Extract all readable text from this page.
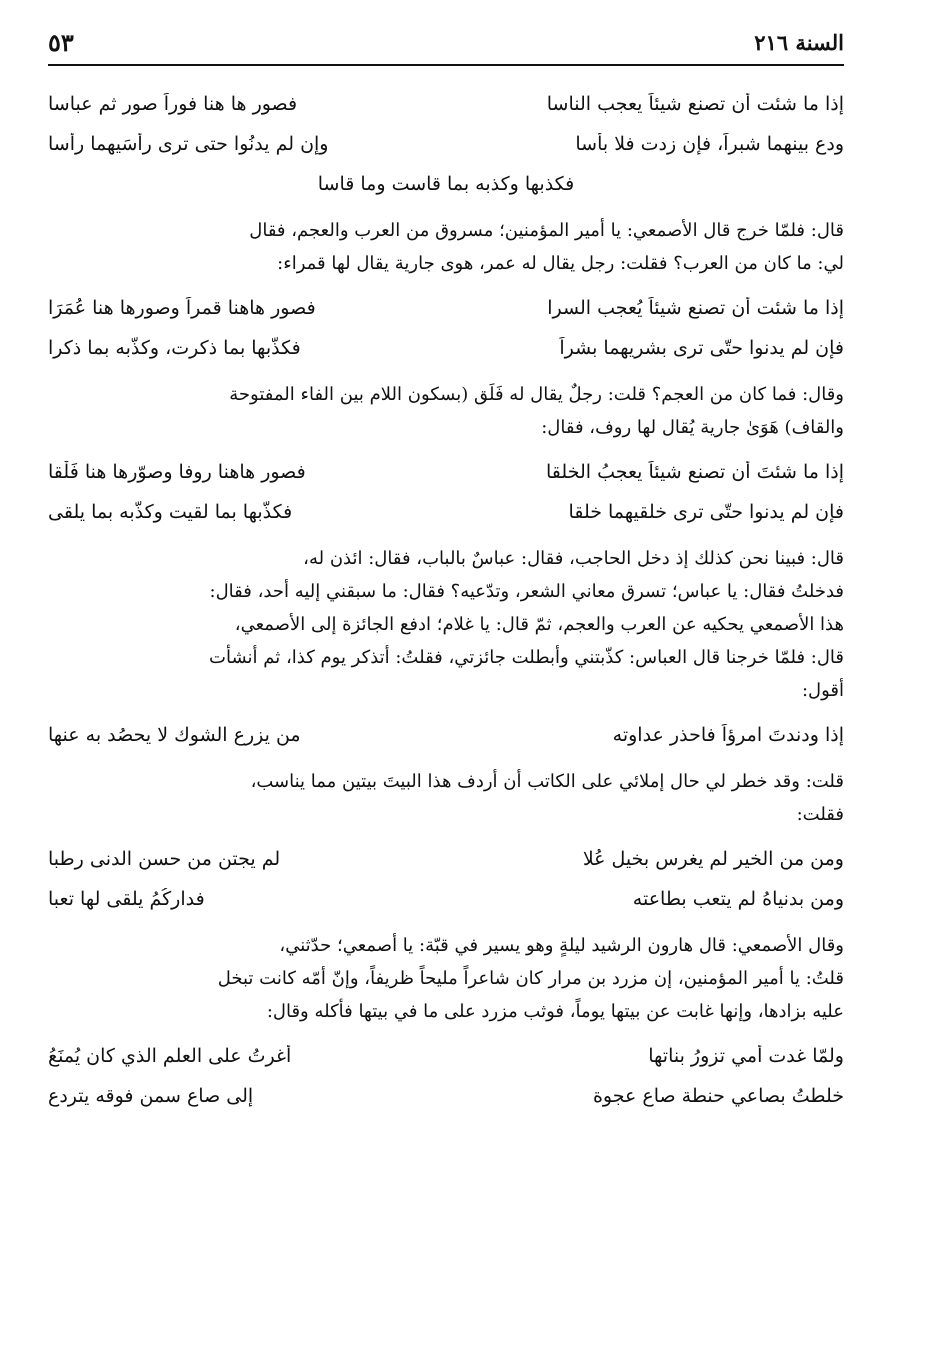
السنة ٢١٦
٥٣
إذا ما شئت أن تصنع شيئاً يعجب الناسا
فصور ها هنا فوراً صور ثم عباسا
ودع بينهما شبراً، فإن زدت فلا بأسا
وإن لم يدنُوا حتى ترى رأسَيهما رأسا
فكذبها وكذبه بما قاست وما قاسا
قال: فلمّا خرج قال الأصمعي: يا أمير المؤمنين؛ مسروق من العرب والعجم، فقال
لي: ما كان من العرب؟ فقلت: رجل يقال له عمر، هوى جارية يقال لها قمراء:
إذا ما شئت أن تصنع شيئاً يُعجب السرا
فصور هاهنا قمراً وصورها هنا عُمَرَا
فإن لم يدنوا حتّى ترى بشريهما بشراً
فكذّبها بما ذكرت، وكذّبه بما ذكرا
وقال: فما كان من العجم؟ قلت: رجلٌ يقال له فَلَق (بسكون اللام بين الفاء المفتوحة
والقاف) هَوَىٰ جارية يُقال لها روف، فقال:
إذا ما شئتَ أن تصنع شيئاً يعجبُ الخلقا
فصور هاهنا روفا وصوّرها هنا فَلْقا
فإن لم يدنوا حتّى ترى خلقيهما خلقا
فكذّبها بما لقيت وكذّبه بما يلقى
قال: فبينا نحن كذلك إذ دخل الحاجب، فقال: عباسٌ بالباب، فقال: ائذن له،
فدخلتُ فقال: يا عباس؛ تسرق معاني الشعر، وتدّعيه؟ فقال: ما سبقني إليه أحد، فقال:
هذا الأصمعي يحكيه عن العرب والعجم، ثمّ قال: يا غلام؛ ادفع الجائزة إلى الأصمعي،
قال: فلمّا خرجنا قال العباس: كذّبتني وأبطلت جائزتي، فقلتُ: أتذكر يوم كذا، ثم أنشأت
أقول:
إذا ودندتَ امرؤاً فاحذر عداوته
من يزرع الشوك لا يحصُد به عنها
قلت: وقد خطر لي حال إملائي على الكاتب أن أردف هذا البيتَ بيتين مما يناسب،
فقلت:
ومن من الخير لم يغرس بخيل عُلا
لم يجتن من حسن الدنى رطبا
ومن بدنياهُ لم يتعب بطاعته
فداركُمُ يلقى لها تعبا
وقال الأصمعي: قال هارون الرشيد ليلةٍ وهو يسير في قبّة: يا أصمعي؛ حدّثني،
قلتُ: يا أمير المؤمنين، إن مزرد بن مرار كان شاعراً مليحاً ظريفاً، وإنّ أمّه كانت تبخل
عليه بزادها، وإنها غابت عن بيتها يوماً، فوثب مزرد على ما في بيتها فأكله وقال:
ولمّا غدت أمي تزورُ بناتها
أغرتُ على العلم الذي كان يُمنَعُ
خلطتُ بصاعي حنطة صاع عجوة
إلى صاع سمنٍ فوقه يتردع
